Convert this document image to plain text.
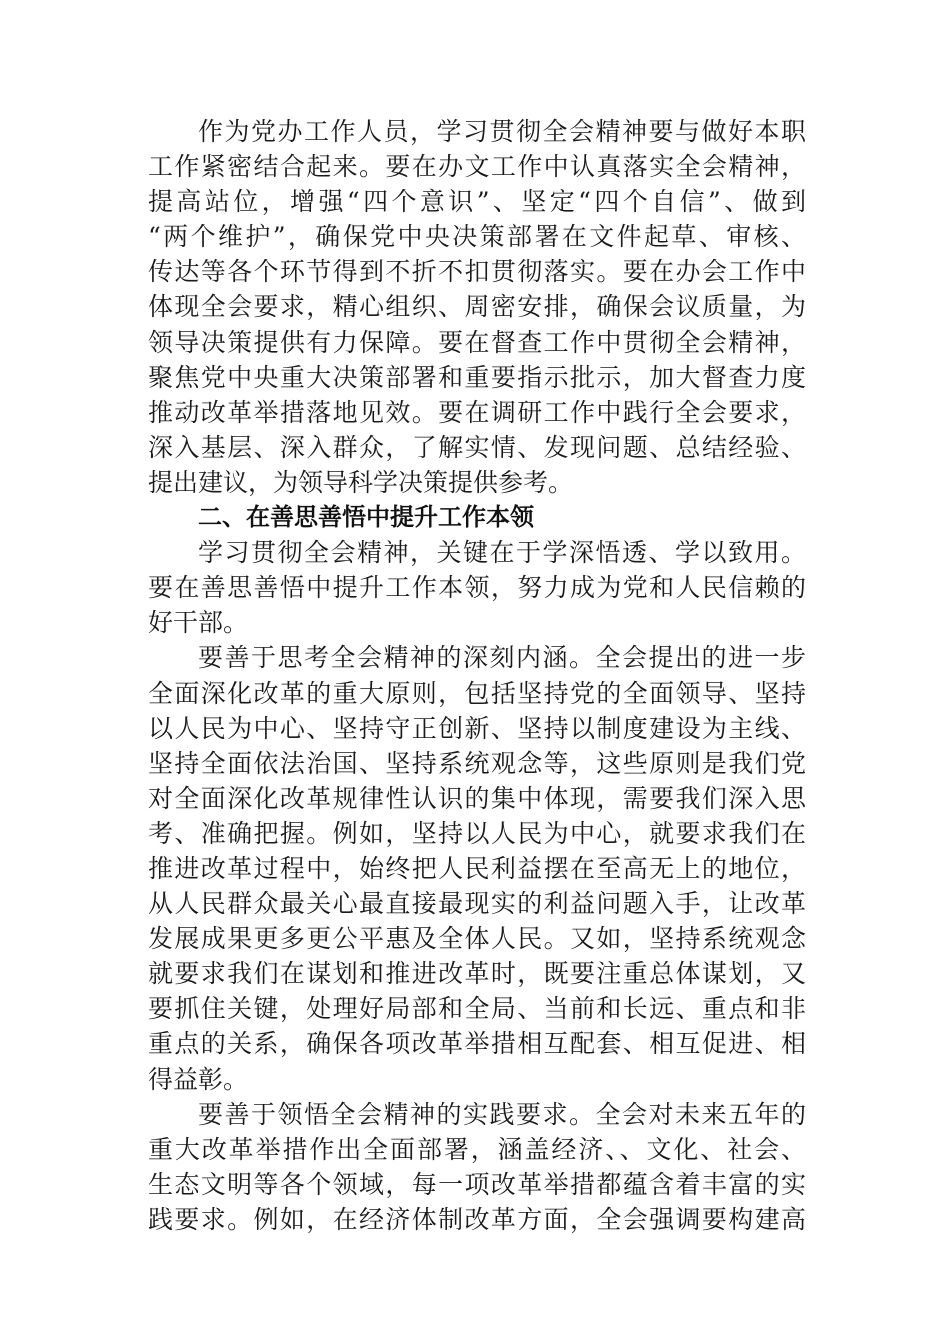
作为党办工作人员，学习贯彻全会精神要与做好本职
工作紧密结合起来。要在办文工作中认真落实全会精神，
提高站位，增强“四个意识”、坚定“四个自信”、做到
“两个维护”，确保党中央决策部署在文件起草、审核、
传达等各个环节得到不折不扣贯彻落实。要在办会工作中
体现全会要求，精心组织、周密安排，确保会议质量，为
领导决策提供有力保障。要在督查工作中贯彻全会精神，
聚焦党中央重大决策部署和重要指示批示，加大督查力度
推动改革举措落地见效。要在调研工作中践行全会要求，
深入基层、深入群众，了解实情、发现问题、总结经验、
提出建议，为领导科学决策提供参考。
二、在善思善悟中提升工作本领
学习贯彻全会精神，关键在于学深悟透、学以致用。
要在善思善悟中提升工作本领，努力成为党和人民信赖的
好干部。
要善于思考全会精神的深刻内涵。全会提出的进一步
全面深化改革的重大原则，包括坚持党的全面领导、坚持
以人民为中心、坚持守正创新、坚持以制度建设为主线、
坚持全面依法治国、坚持系统观念等，这些原则是我们党
对全面深化改革规律性认识的集中体现，需要我们深入思
考、准确把握。例如，坚持以人民为中心，就要求我们在
推进改革过程中，始终把人民利益摆在至高无上的地位，
从人民群众最关心最直接最现实的利益问题入手，让改革
发展成果更多更公平惠及全体人民。又如，坚持系统观念
就要求我们在谋划和推进改革时，既要注重总体谋划，又
要抓住关键，处理好局部和全局、当前和长远、重点和非
重点的关系，确保各项改革举措相互配套、相互促进、相
得益彰。
要善于领悟全会精神的实践要求。全会对未来五年的
重大改革举措作出全面部署，涵盖经济、、文化、社会、
生态文明等各个领域，每一项改革举措都蕴含着丰富的实
践要求。例如，在经济体制改革方面，全会强调要构建高
